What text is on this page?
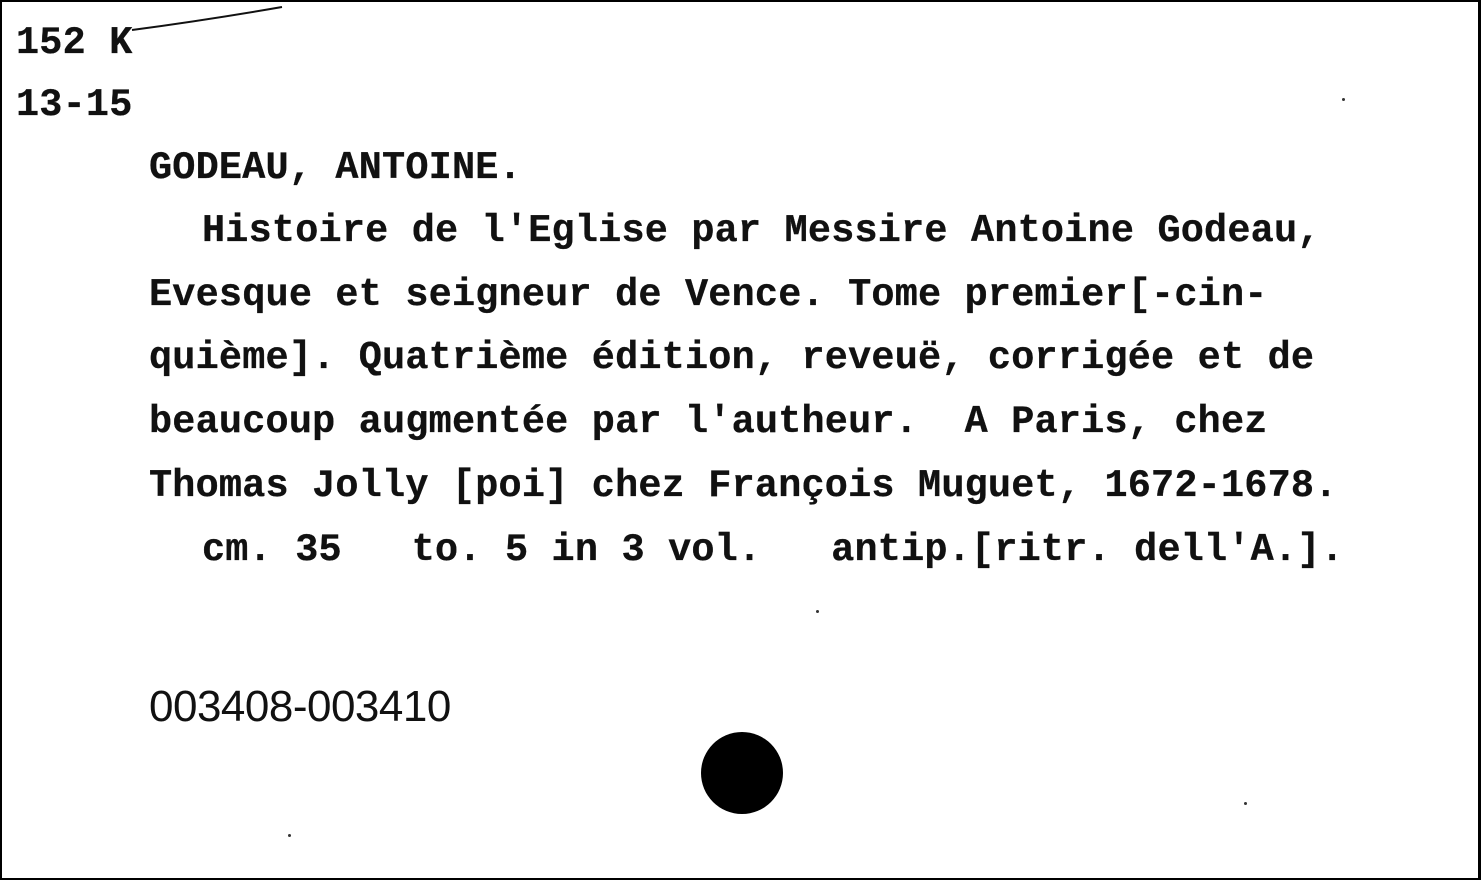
152 K
13-15
GODEAU, ANTOINE.
Histoire de l'Eglise par Messire Antoine Godeau,
Evesque et seigneur de Vence. Tome premier[-cin-
quième]. Quatrième édition, reveuë, corrigée et de
beaucoup augmentée par l'autheur.  A Paris, chez
Thomas Jolly [poi] chez François Muguet, 1672-1678.
cm. 35   to. 5 in 3 vol.   antip.[ritr. dell'A.].
003408-003410
